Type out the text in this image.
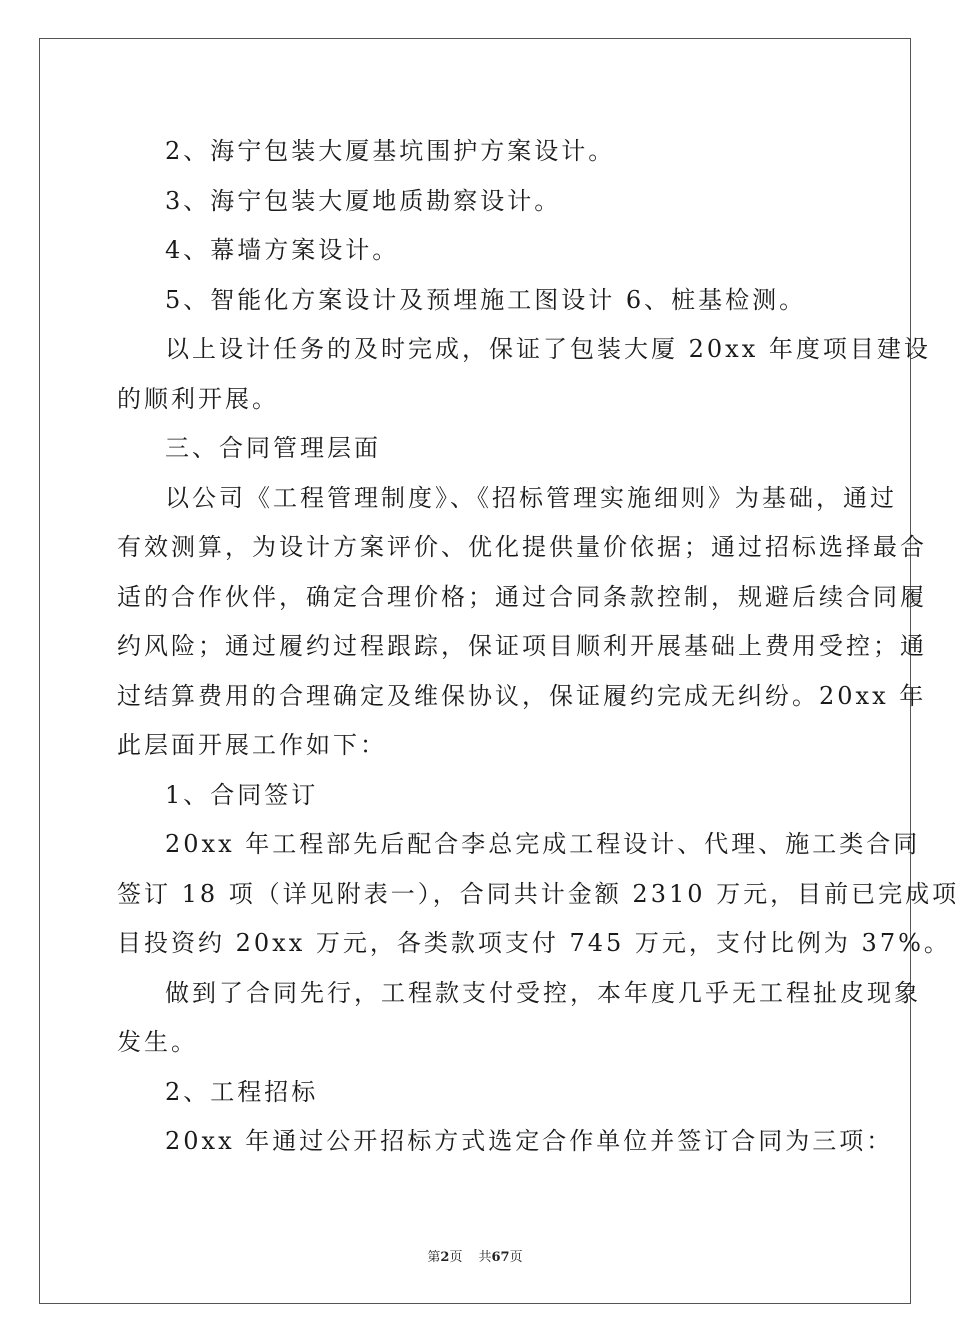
2、海宁包装大厦基坑围护方案设计。
3、海宁包装大厦地质勘察设计。
4、幕墙方案设计。
5、智能化方案设计及预埋施工图设计 6、桩基检测。
以上设计任务的及时完成，保证了包装大厦 20xx 年度项目建设
的顺利开展。
三、合同管理层面
以公司《工程管理制度》、《招标管理实施细则》为基础，通过
有效测算，为设计方案评价、优化提供量价依据；通过招标选择最合
适的合作伙伴，确定合理价格；通过合同条款控制，规避后续合同履
约风险；通过履约过程跟踪，保证项目顺利开展基础上费用受控；通
过结算费用的合理确定及维保协议，保证履约完成无纠纷。20xx 年
此层面开展工作如下：
1、合同签订
20xx 年工程部先后配合李总完成工程设计、代理、施工类合同
签订 18 项（详见附表一），合同共计金额 2310 万元，目前已完成项
目投资约 20xx 万元，各类款项支付 745 万元，支付比例为 37%。
做到了合同先行，工程款支付受控，本年度几乎无工程扯皮现象
发生。
2、工程招标
20xx 年通过公开招标方式选定合作单位并签订合同为三项：
第2页 共67页
